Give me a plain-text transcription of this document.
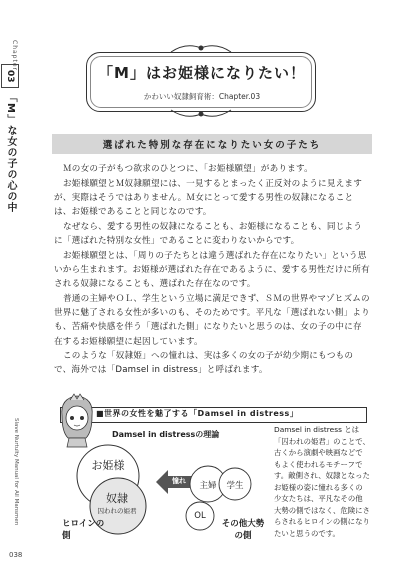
Chapter
03
「M」な女の子の心の中
Slave Nurtulty Manual for All Mansmen
038
「M」はお姫様になりたい！
かわいい奴隷飼育術：Chapter.03
選ばれた特別な存在になりたい女の子たち
Ｍの女の子がもつ欲求のひとつに、「お姫様願望」があります。
お姫様願望とＭ奴隷願望には、一見するとまったく正反対のように見えますが、実際はそうではありません。Ｍ女にとって愛する男性の奴隷になることは、お姫様であることと同じなのです。
なぜなら、愛する男性の奴隷になることも、お姫様になることも、同じように「選ばれた特別な女性」であることに変わりないからです。
お姫様願望とは、「周りの子たちとは違う選ばれた存在になりたい」という思いから生まれます。お姫様が選ばれた存在であるように、愛する男性だけに所有される奴隷になることも、選ばれた存在なのです。
普通の主婦やＯＬ、学生という立場に満足できず、ＳＭの世界やマゾヒズムの世界に魅了される女性が多いのも、そのためです。平凡な「選ばれない側」よりも、苦痛や快感を伴う「選ばれた側」になりたいと思うのは、女の子の中に存在するお姫様願望に起因しています。
このような「奴隷姫」への憧れは、実は多くの女の子が幼少期にもつもので、海外では「Damsel in distress」と呼ばれます。
■世界の女性を魅了する「Damsel in distress」
Damsel in distressの理論
お姫様
奴隷
囚われの姫君
憧れ	主婦	学生
OL
ヒロインの側
その他大勢の側
Damsel in distress とは「囚われの姫君」のことで、古くから演劇や映画などでもよく使われるモチーフです。敵側され、奴隷となった お姫様の姿に憧れる多くの少女たちは、平凡なその他大勢の側ではなく、危険にさらされるヒロインの側になりたいと思うのです。
